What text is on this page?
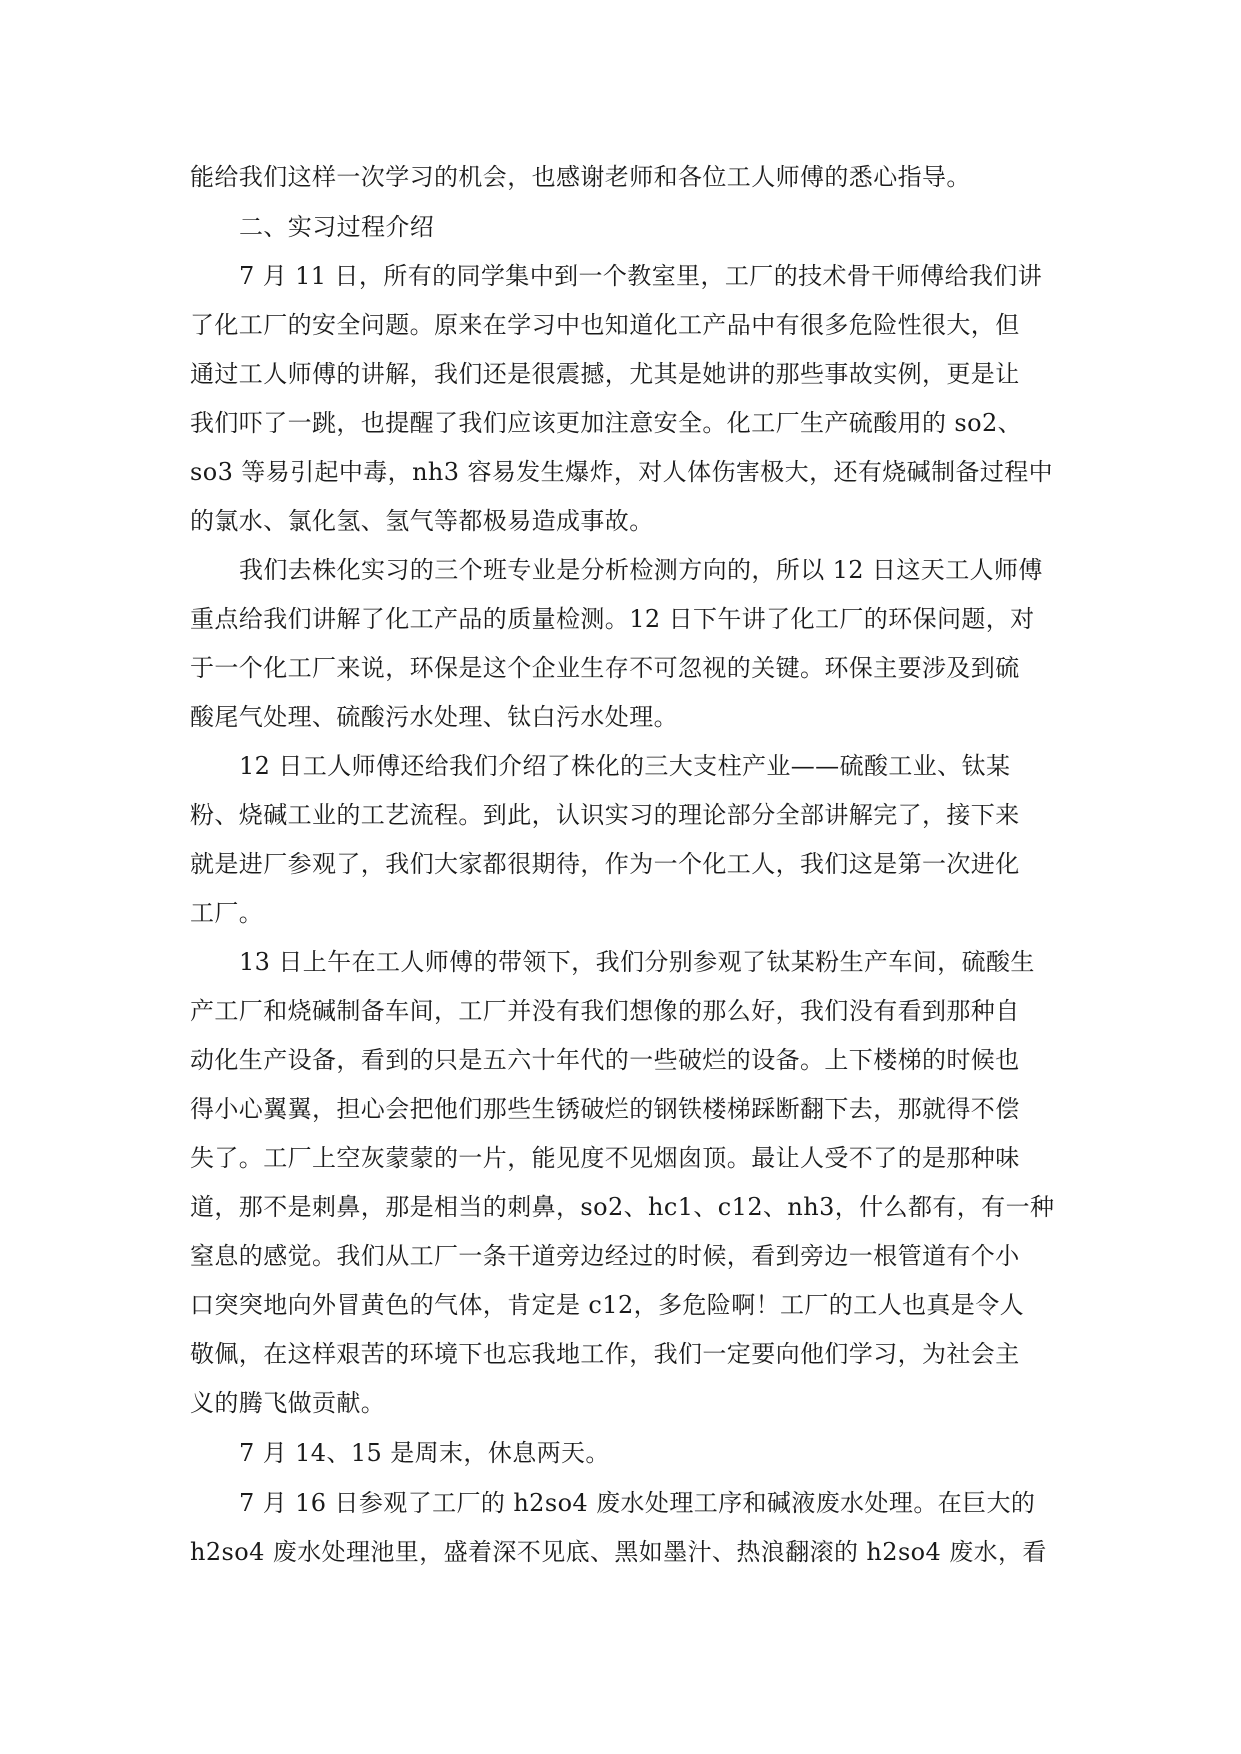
能给我们这样一次学习的机会，也感谢老师和各位工人师傅的悉心指导。

二、实习过程介绍

7 月 11 日，所有的同学集中到一个教室里，工厂的技术骨干师傅给我们讲

了化工厂的安全问题。原来在学习中也知道化工产品中有很多危险性很大，但

通过工人师傅的讲解，我们还是很震撼，尤其是她讲的那些事故实例，更是让

我们吓了一跳，也提醒了我们应该更加注意安全。化工厂生产硫酸用的 so2、

so3 等易引起中毒，nh3 容易发生爆炸，对人体伤害极大，还有烧碱制备过程中

的氯水、氯化氢、氢气等都极易造成事故。

我们去株化实习的三个班专业是分析检测方向的，所以 12 日这天工人师傅

重点给我们讲解了化工产品的质量检测。12 日下午讲了化工厂的环保问题，对

于一个化工厂来说，环保是这个企业生存不可忽视的关键。环保主要涉及到硫

酸尾气处理、硫酸污水处理、钛白污水处理。

12 日工人师傅还给我们介绍了株化的三大支柱产业——硫酸工业、钛某

粉、烧碱工业的工艺流程。到此，认识实习的理论部分全部讲解完了，接下来

就是进厂参观了，我们大家都很期待，作为一个化工人，我们这是第一次进化

工厂。

13 日上午在工人师傅的带领下，我们分别参观了钛某粉生产车间，硫酸生

产工厂和烧碱制备车间，工厂并没有我们想像的那么好，我们没有看到那种自

动化生产设备，看到的只是五六十年代的一些破烂的设备。上下楼梯的时候也

得小心翼翼，担心会把他们那些生锈破烂的钢铁楼梯踩断翻下去，那就得不偿

失了。工厂上空灰蒙蒙的一片，能见度不见烟囱顶。最让人受不了的是那种味

道，那不是刺鼻，那是相当的刺鼻，so2、hc1、c12、nh3，什么都有，有一种

窒息的感觉。我们从工厂一条干道旁边经过的时候，看到旁边一根管道有个小

口突突地向外冒黄色的气体，肯定是 c12，多危险啊！工厂的工人也真是令人

敬佩，在这样艰苦的环境下也忘我地工作，我们一定要向他们学习，为社会主

义的腾飞做贡献。

7 月 14、15 是周末，休息两天。

7 月 16 日参观了工厂的 h2so4 废水处理工序和碱液废水处理。在巨大的

h2so4 废水处理池里，盛着深不见底、黑如墨汁、热浪翻滚的 h2so4 废水，看
